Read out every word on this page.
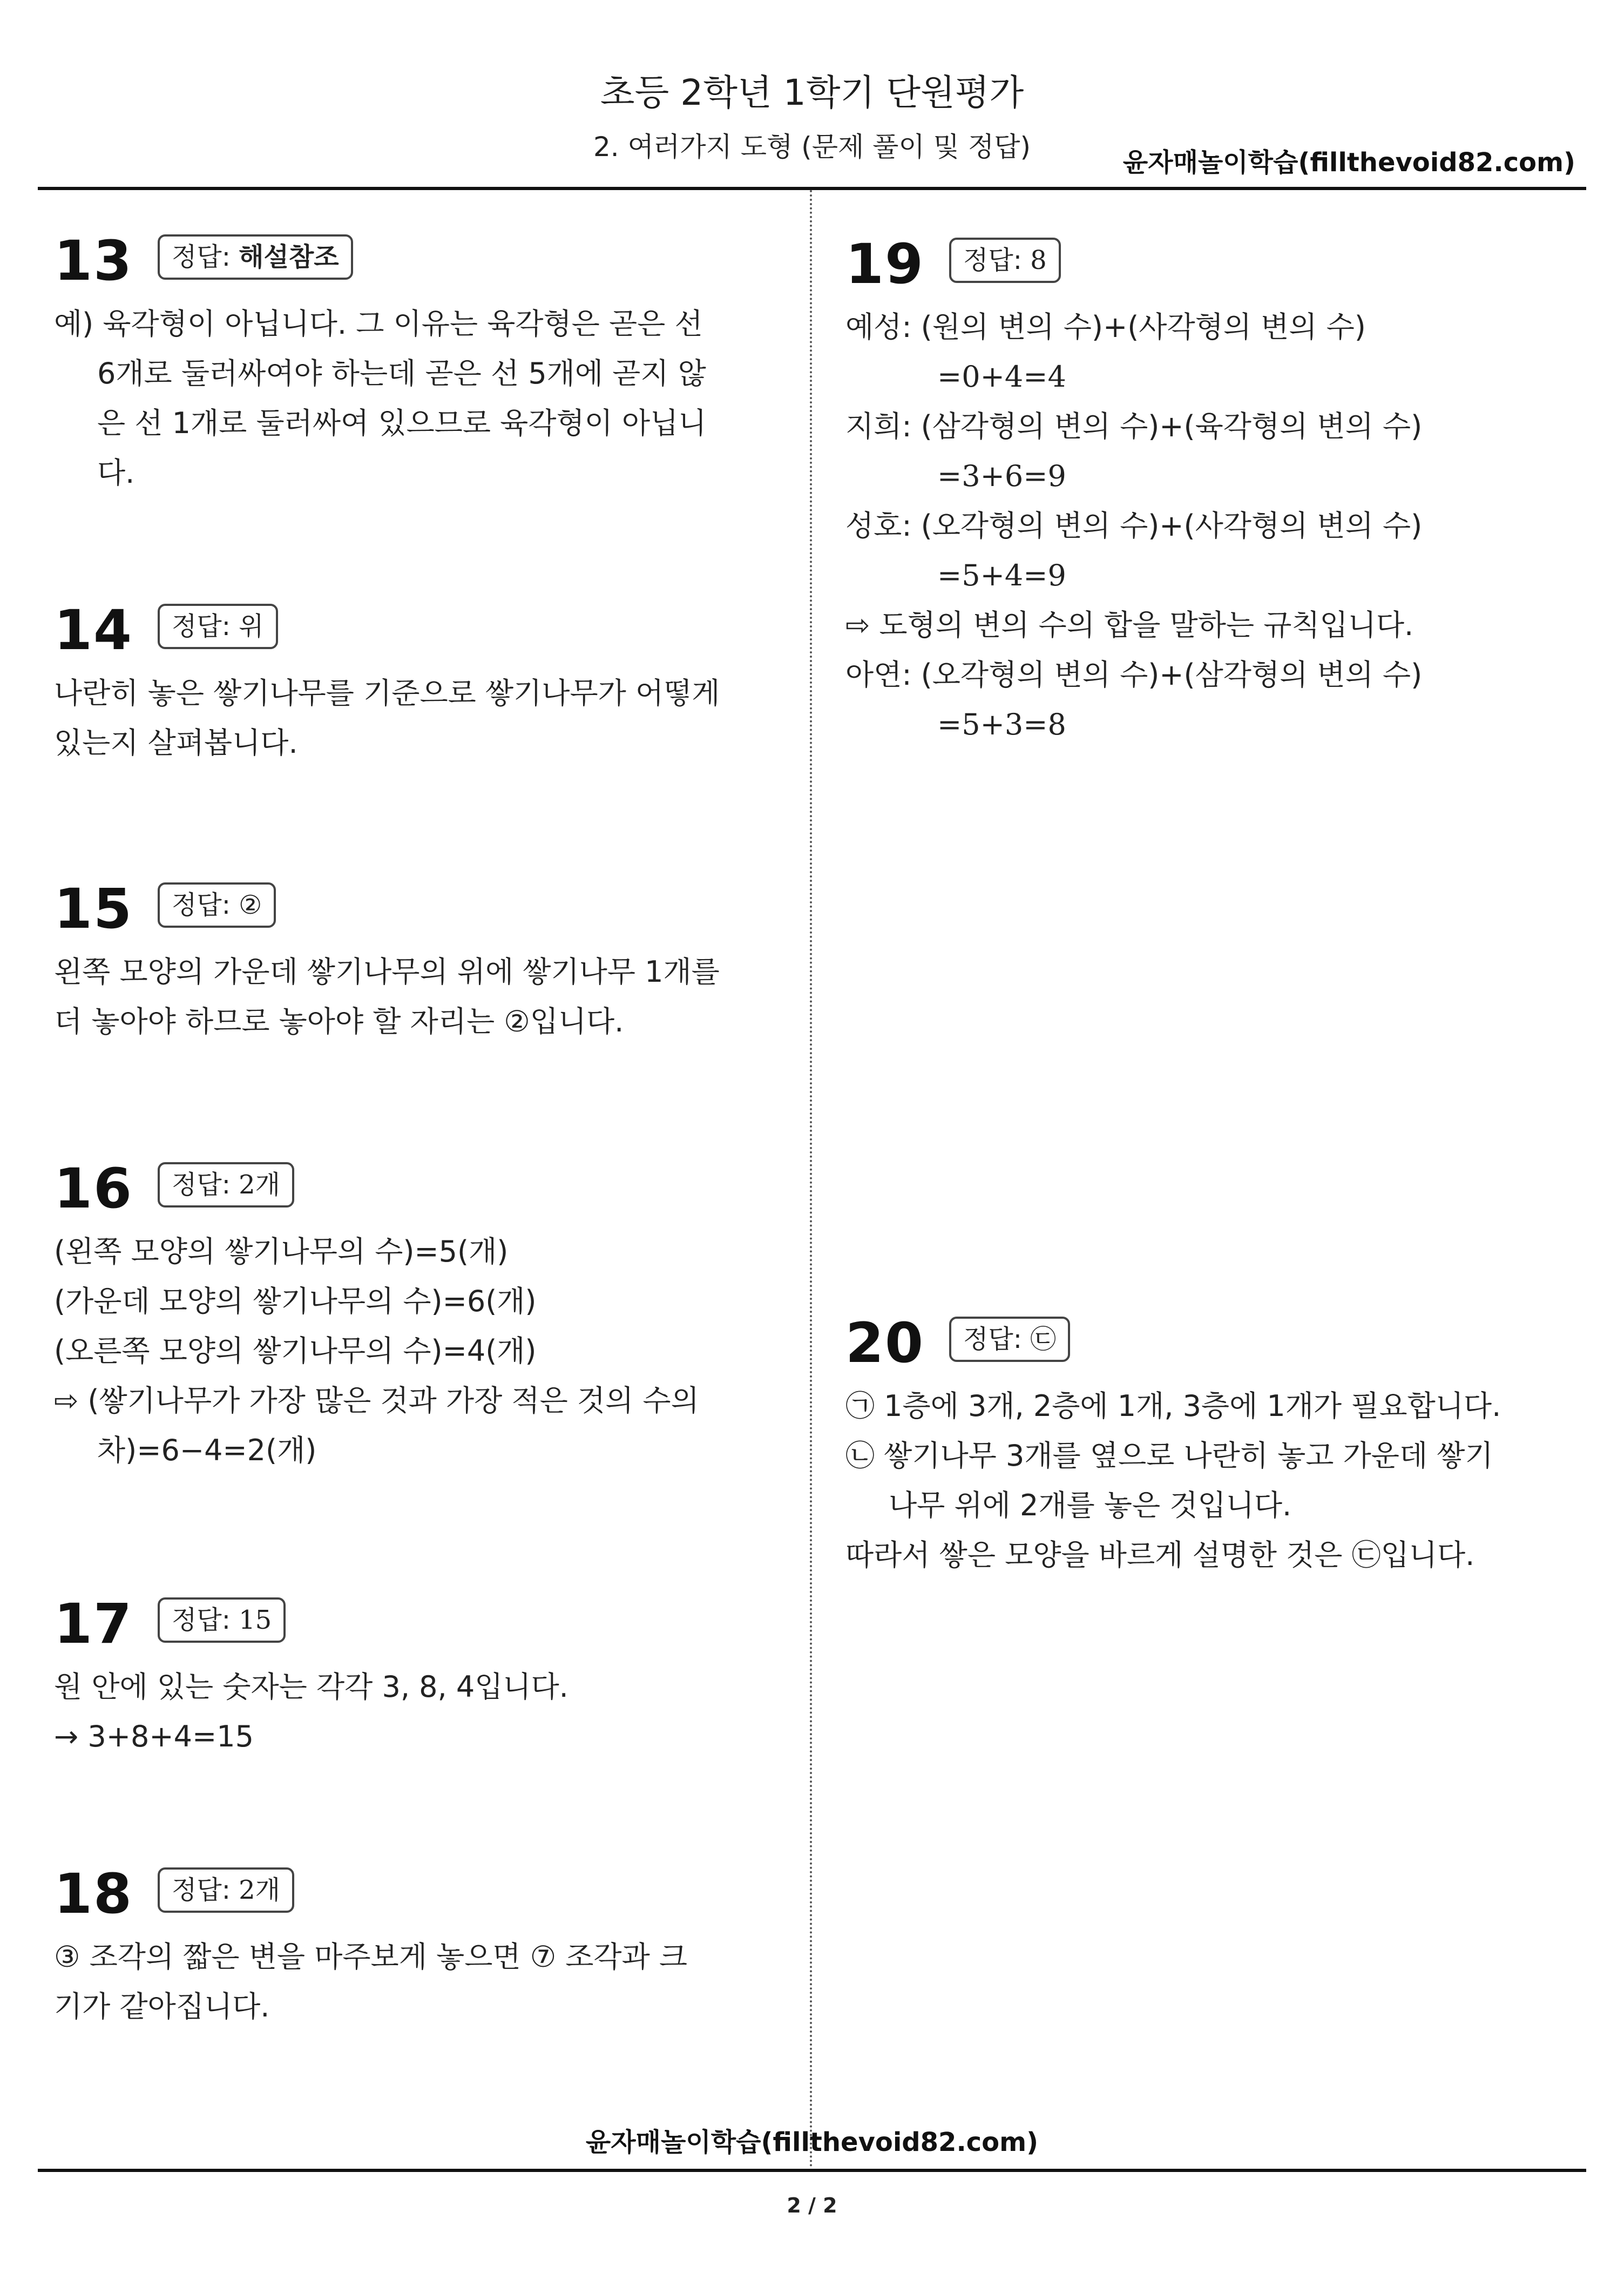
초등 2학년 1학기 단원평가
2. 여러가지 도형 (문제 풀이 및 정답)	윤자매놀이학습(fillthevoid82.com)
13	정답: 해설참조
예) 육각형이 아닙니다. 그 이유는 육각형은 곧은 선
6개로 둘러싸여야 하는데 곧은 선 5개에 곧지 않
은 선 1개로 둘러싸여 있으므로 육각형이 아닙니
다.
14	정답: 위
나란히 놓은 쌓기나무를 기준으로 쌓기나무가 어떻게
있는지 살펴봅니다.
15	정답: ②
왼쪽 모양의 가운데 쌓기나무의 위에 쌓기나무 1개를
더 놓아야 하므로 놓아야 할 자리는 ②입니다.
16	정답: 2개
(왼쪽 모양의 쌓기나무의 수)=5(개)
(가운데 모양의 쌓기나무의 수)=6(개)
(오른쪽 모양의 쌓기나무의 수)=4(개)
⇨ (쌓기나무가 가장 많은 것과 가장 적은 것의 수의
차)=6−4=2(개)
17	정답: 15
원 안에 있는 숫자는 각각 3, 8, 4입니다.
→ 3+8+4=15
18	정답: 2개
③ 조각의 짧은 변을 마주보게 놓으면 ⑦ 조각과 크
기가 같아집니다.
19	정답: 8
예성: (원의 변의 수)+(사각형의 변의 수)
=0+4=4
지희: (삼각형의 변의 수)+(육각형의 변의 수)
=3+6=9
성호: (오각형의 변의 수)+(사각형의 변의 수)
=5+4=9
⇨ 도형의 변의 수의 합을 말하는 규칙입니다.
아연: (오각형의 변의 수)+(삼각형의 변의 수)
=5+3=8
20	정답: ㉢
㉠ 1층에 3개, 2층에 1개, 3층에 1개가 필요합니다.
㉡ 쌓기나무 3개를 옆으로 나란히 놓고 가운데 쌓기
나무 위에 2개를 놓은 것입니다.
따라서 쌓은 모양을 바르게 설명한 것은 ㉢입니다.
윤자매놀이학습(fillthevoid82.com)
2 / 2
